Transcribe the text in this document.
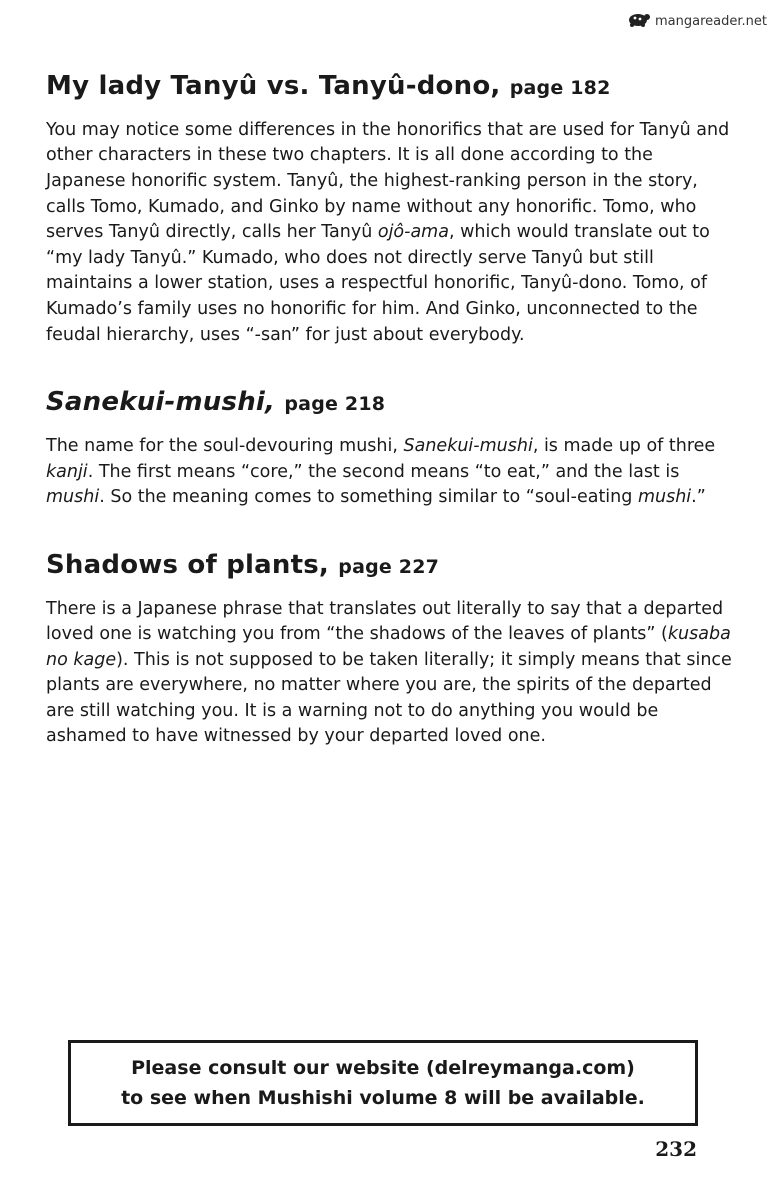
mangareader.net
My lady Tanyû vs. Tanyû-dono, page 182

You may notice some differences in the honorifics that are used for Tanyû and other characters in these two chapters. It is all done according to the Japanese honorific system. Tanyû, the highest-ranking person in the story, calls Tomo, Kumado, and Ginko by name without any honorific. Tomo, who serves Tanyû directly, calls her Tanyû ojô-ama, which would translate out to “my lady Tanyû.” Kumado, who does not directly serve Tanyû but still maintains a lower station, uses a respectful honorific, Tanyû-dono. Tomo, of Kumado’s family uses no honorific for him. And Ginko, unconnected to the feudal hierarchy, uses “-san” for just about everybody.

Sanekui-mushi, page 218

The name for the soul-devouring mushi, Sanekui-mushi, is made up of three kanji. The first means “core,” the second means “to eat,” and the last is mushi. So the meaning comes to something similar to “soul-eating mushi.”

Shadows of plants, page 227

There is a Japanese phrase that translates out literally to say that a departed loved one is watching you from “the shadows of the leaves of plants” (kusaba no kage). This is not supposed to be taken literally; it simply means that since plants are everywhere, no matter where you are, the spirits of the departed are still watching you. It is a warning not to do anything you would be ashamed to have witnessed by your departed loved one.

Please consult our website (delreymanga.com)
to see when Mushishi volume 8 will be available.
232
